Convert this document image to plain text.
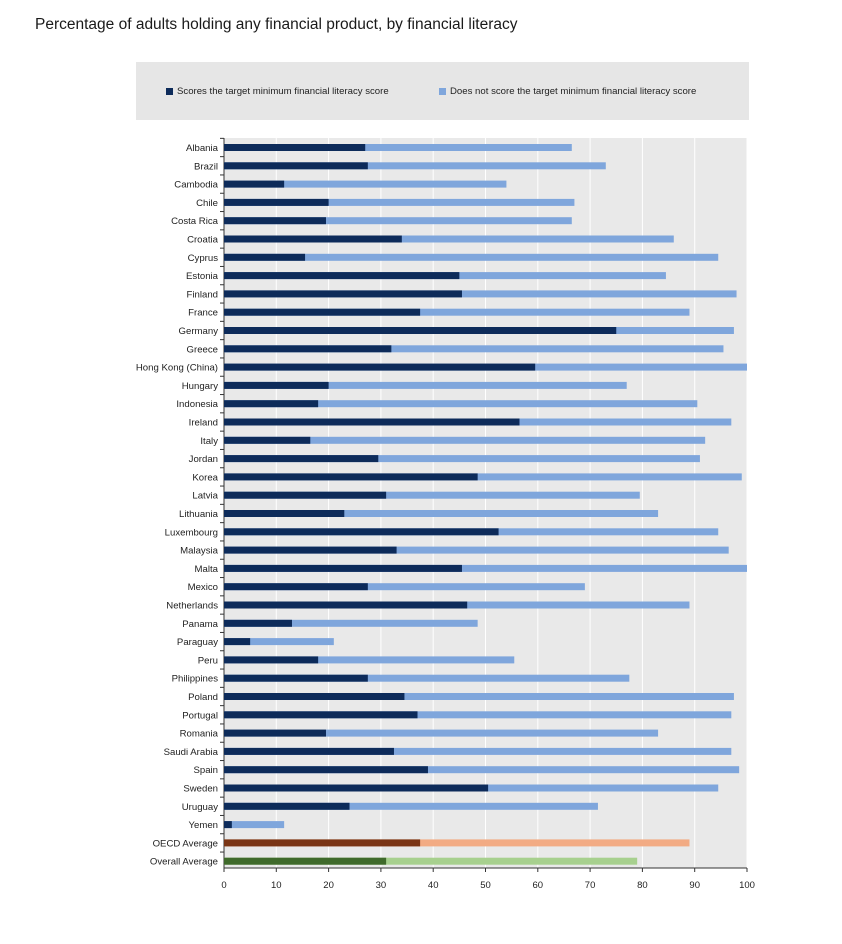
Percentage of adults holding any financial product, by financial literacy
Scores the target minimum financial literacy score	Does not score the target minimum financial literacy score
0	10	20	30	40	50	60	70	80	90	100
Albania
Brazil
Cambodia
Chile
Costa Rica
Croatia
Cyprus
Estonia
Finland
France
Germany
Greece
Hong Kong (China)
Hungary
Indonesia
Ireland
Italy
Jordan
Korea
Latvia
Lithuania
Luxembourg
Malaysia
Malta
Mexico
Netherlands
Panama
Paraguay
Peru
Philippines
Poland
Portugal
Romania
Saudi Arabia
Spain
Sweden
Uruguay
Yemen
OECD Average
Overall Average
